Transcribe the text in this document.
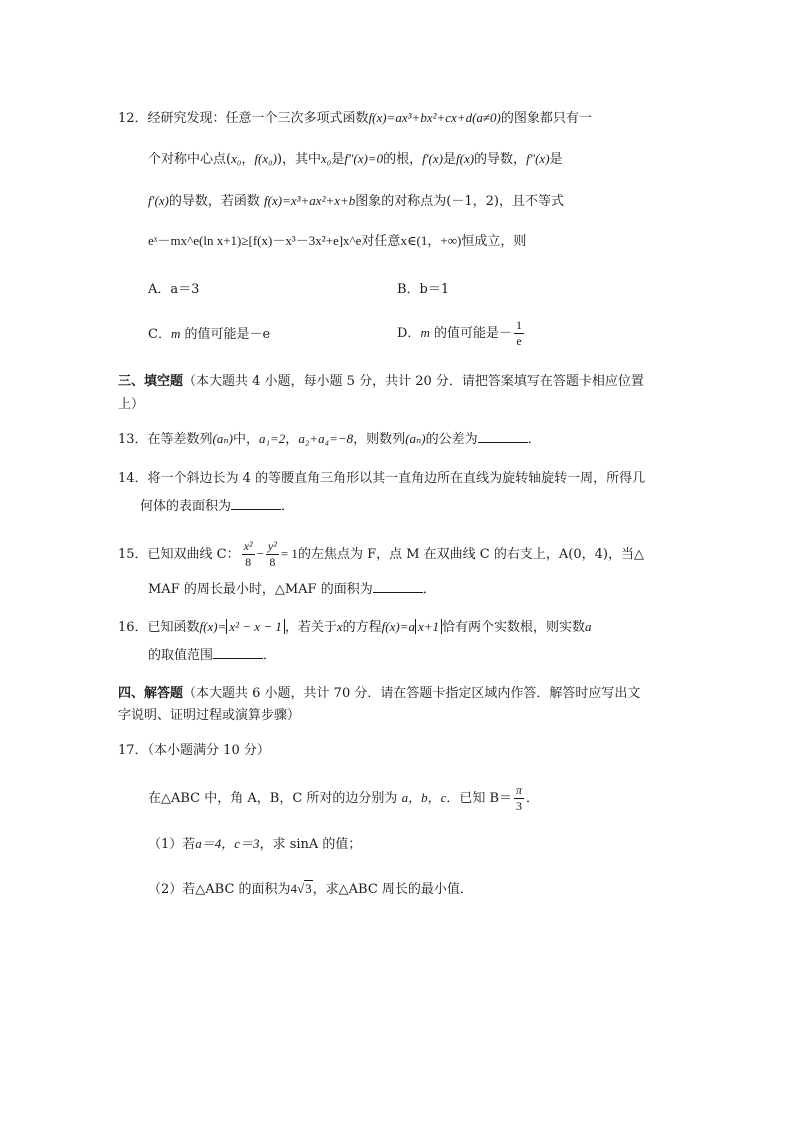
12．经研究发现：任意一个三次多项式函数f(x)=ax³+bx²+cx+d(a≠0)的图象都只有一
个对称中心点(x₀，f(x₀))，其中x₀是f″(x)=0的根，f′(x)是f(x)的导数，f″(x)是
f′(x)的导数，若函数 f(x)=x³+ax²+x+b图象的对称点为(－1，2)，且不等式
eˣ－mx^e(ln x+1)≥[f(x)－x³－3x²+e]x^e对任意x∈(1，+∞)恒成立，则
A．a＝3	B．b＝1
C．m 的值可能是－e	D．m 的值可能是－ $\frac{1}{e}$
三、填空题（本大题共 4 小题，每小题 5 分，共计 20 分．请把答案填写在答题卡相应位置
上）
13．在等差数列(aₙ)中，a₁=2，a₂+a₄=−8，则数列(aₙ)的公差为	．
14．将一个斜边长为 4 的等腰直角三角形以其一直角边所在直线为旋转轴旋转一周，所得几
何体的表面积为	．
15．已知双曲线 C： $\frac{\text{x²}}{8} - \frac{\text{y²}}{8} = 1$的左焦点为 F，点 M 在双曲线 C 的右支上，A(0，4)，当△
MAF 的周长最小时，△MAF 的面积为	．
16．已知函数f(x)= x² − x − 1 ，若关于x的方程f(x)=a x+1 恰有两个实数根，则实数a
的取值范围	．
四、解答题（本大题共 6 小题，共计 70 分．请在答题卡指定区域内作答．解答时应写出文
字说明、证明过程或演算步骤）
17．（本小题满分 10 分）
在△ABC 中，角 A，B，C 所对的边分别为 a，b，c．已知 $B= \frac{\pi}{3}$ ．
（1）若a＝4，c＝3，求 sinA 的值；
（2）若△ABC 的面积为4√3，求△ABC 周长的最小值．
